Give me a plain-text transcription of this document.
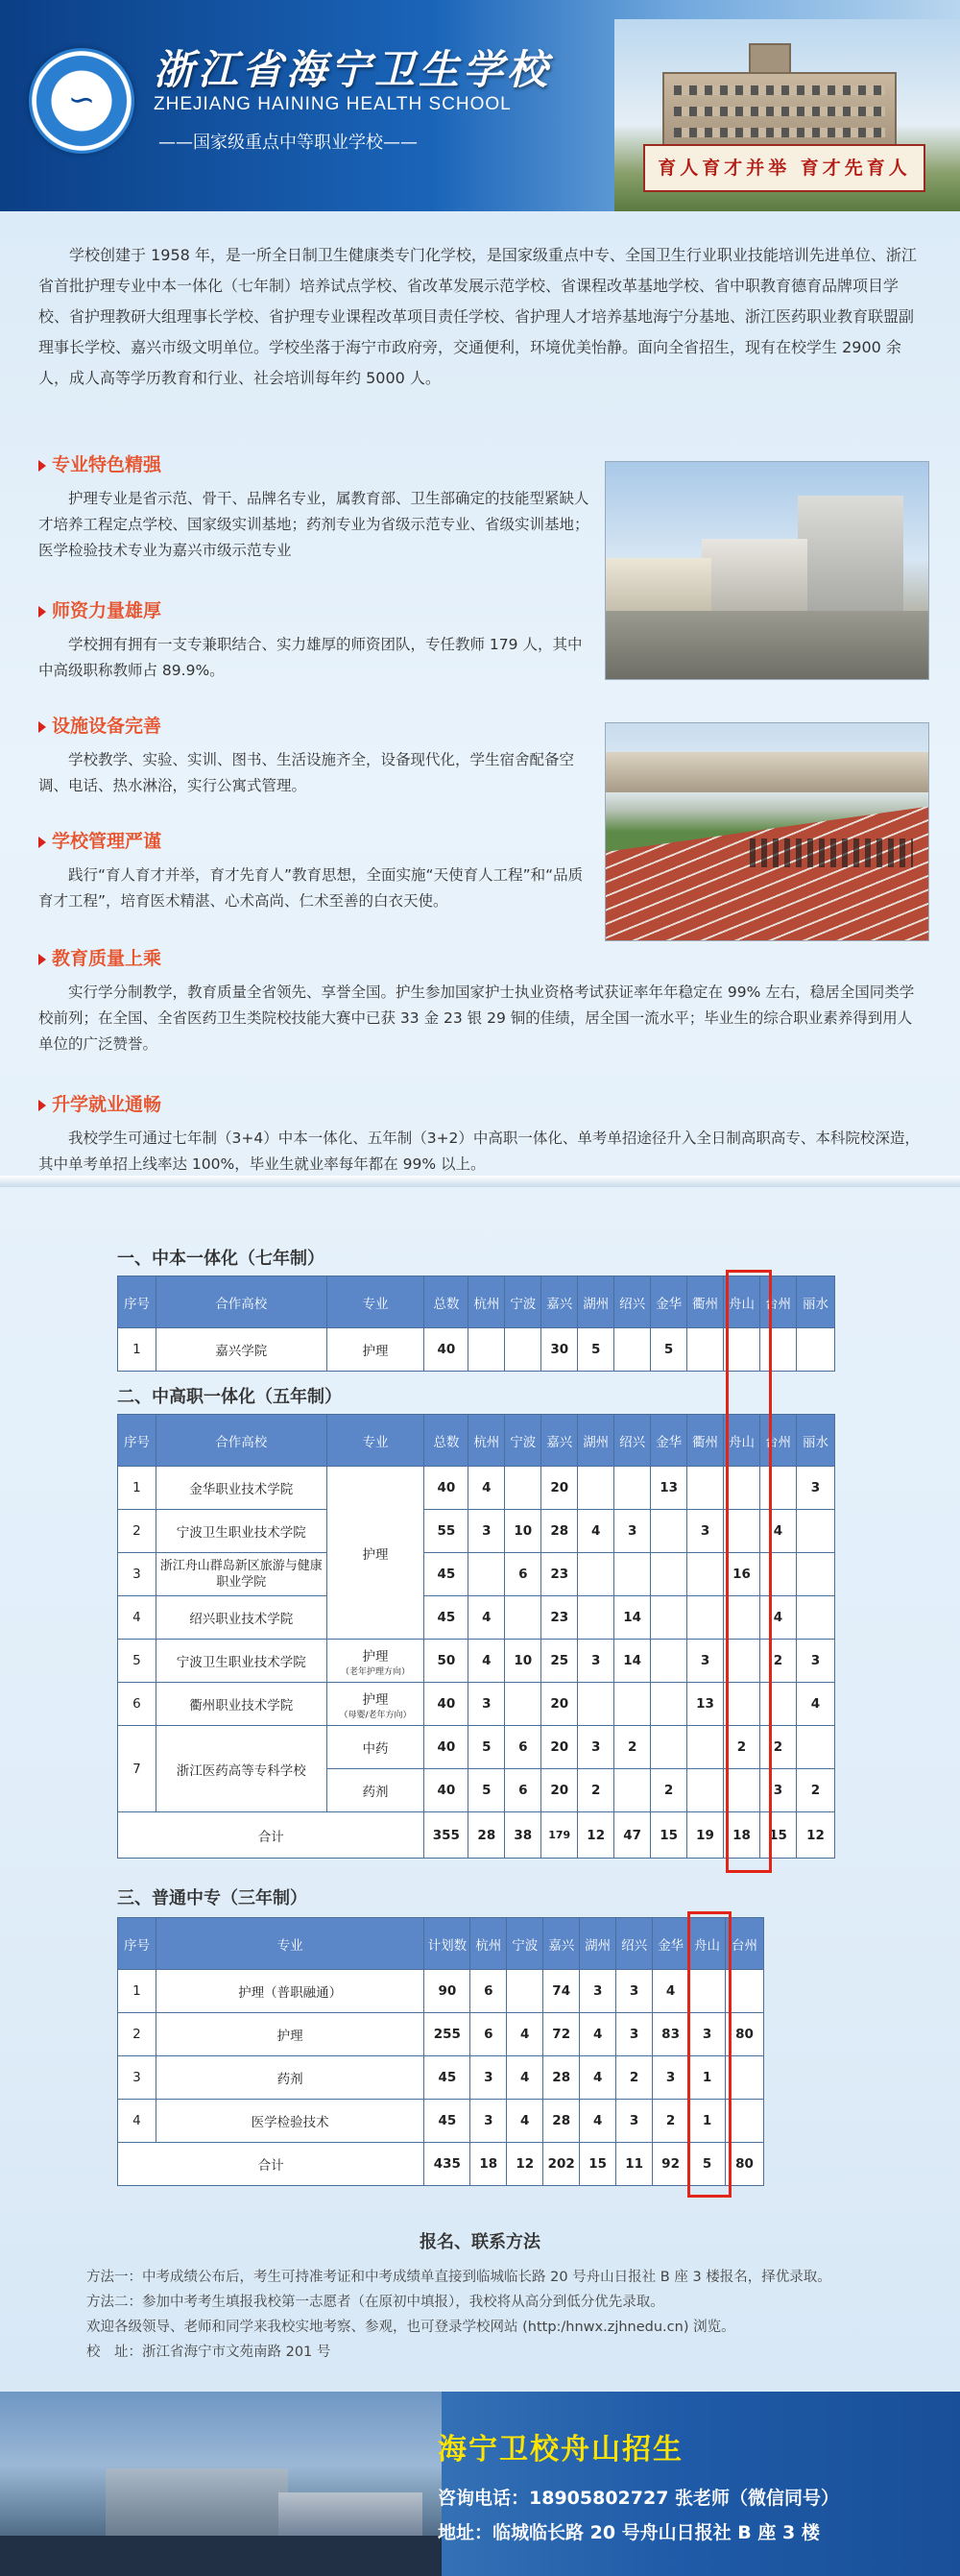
∽
浙江省海宁卫生学校
ZHEJIANG HAINING HEALTH SCHOOL
——国家级重点中等职业学校——
育人育才并举 育才先育人
学校创建于 1958 年，是一所全日制卫生健康类专门化学校，是国家级重点中专、全国卫生行业职业技能培训先进单位、浙江省首批护理专业中本一体化（七年制）培养试点学校、省改革发展示范学校、省课程改革基地学校、省中职教育德育品牌项目学校、省护理教研大组理事长学校、省护理专业课程改革项目责任学校、省护理人才培养基地海宁分基地、浙江医药职业教育联盟副理事长学校、嘉兴市级文明单位。学校坐落于海宁市政府旁，交通便利，环境优美怡静。面向全省招生，现有在校学生 2900 余人，成人高等学历教育和行业、社会培训每年约 5000 人。
专业特色精强
护理专业是省示范、骨干、品牌名专业，属教育部、卫生部确定的技能型紧缺人才培养工程定点学校、国家级实训基地；药剂专业为省级示范专业、省级实训基地；医学检验技术专业为嘉兴市级示范专业
师资力量雄厚
学校拥有拥有一支专兼职结合、实力雄厚的师资团队，专任教师 179 人，其中中高级职称教师占 89.9%。
设施设备完善
学校教学、实验、实训、图书、生活设施齐全，设备现代化，学生宿舍配备空调、电话、热水淋浴，实行公寓式管理。
学校管理严谨
践行“育人育才并举，育才先育人”教育思想，全面实施“天使育人工程”和“品质育才工程”，培育医术精湛、心术高尚、仁术至善的白衣天使。
教育质量上乘
实行学分制教学，教育质量全省领先、享誉全国。护生参加国家护士执业资格考试获证率年年稳定在 99% 左右，稳居全国同类学校前列；在全国、全省医药卫生类院校技能大赛中已获 33 金 23 银 29 铜的佳绩，居全国一流水平；毕业生的综合职业素养得到用人单位的广泛赞誉。
升学就业通畅
我校学生可通过七年制（3+4）中本一体化、五年制（3+2）中高职一体化、单考单招途径升入全日制高职高专、本科院校深造，其中单考单招上线率达 100%，毕业生就业率每年都在 99% 以上。
一、中本一体化（七年制）
序号	合作高校	专业	总数	杭州	宁波	嘉兴	湖州	绍兴	金华	衢州	舟山	台州	丽水
1	嘉兴学院	护理	40			30	5		5				
二、中高职一体化（五年制）
序号	合作高校	专业	总数	杭州	宁波	嘉兴	湖州	绍兴	金华	衢州	舟山	台州	丽水
1	金华职业技术学院	护理	40	4		20			13				3
2	宁波卫生职业技术学院		55	3	10	28	4	3		3		4	
3	浙江舟山群岛新区旅游与健康职业学院		45		6	23					16		
4	绍兴职业技术学院		45	4		23		14				4	
5	宁波卫生职业技术学院	护理
（老年护理方向）	50	4	10	25	3	14		3		2	3
6	衢州职业技术学院	护理
（母婴/老年方向）	40	3		20				13			4
7	浙江医药高等专科学校	中药	40	5	6	20	3	2			2	2	
		药剂	40	5	6	20	2		2			3	2
合计			355	28	38	179	12	47	15	19	18	15	12
三、普通中专（三年制）
序号	专业	计划数	杭州	宁波	嘉兴	湖州	绍兴	金华	舟山	台州
1	护理（普职融通）	90	6		74	3	3	4		
2	护理	255	6	4	72	4	3	83	3	80
3	药剂	45	3	4	28	4	2	3	1	
4	医学检验技术	45	3	4	28	4	3	2	1	
合计		435	18	12	202	15	11	92	5	80
报名、联系方法
方法一：中考成绩公布后，考生可持准考证和中考成绩单直接到临城临长路 20 号舟山日报社 B 座 3 楼报名，择优录取。
方法二：参加中考考生填报我校第一志愿者（在原初中填报），我校将从高分到低分优先录取。
欢迎各级领导、老师和同学来我校实地考察、参观，也可登录学校网站 (http:/hnwx.zjhnedu.cn) 浏览。
校　址：浙江省海宁市文苑南路 201 号
海宁卫校舟山招生
咨询电话：18905802727 张老师（微信同号）
地址：临城临长路 20 号舟山日报社 B 座 3 楼
